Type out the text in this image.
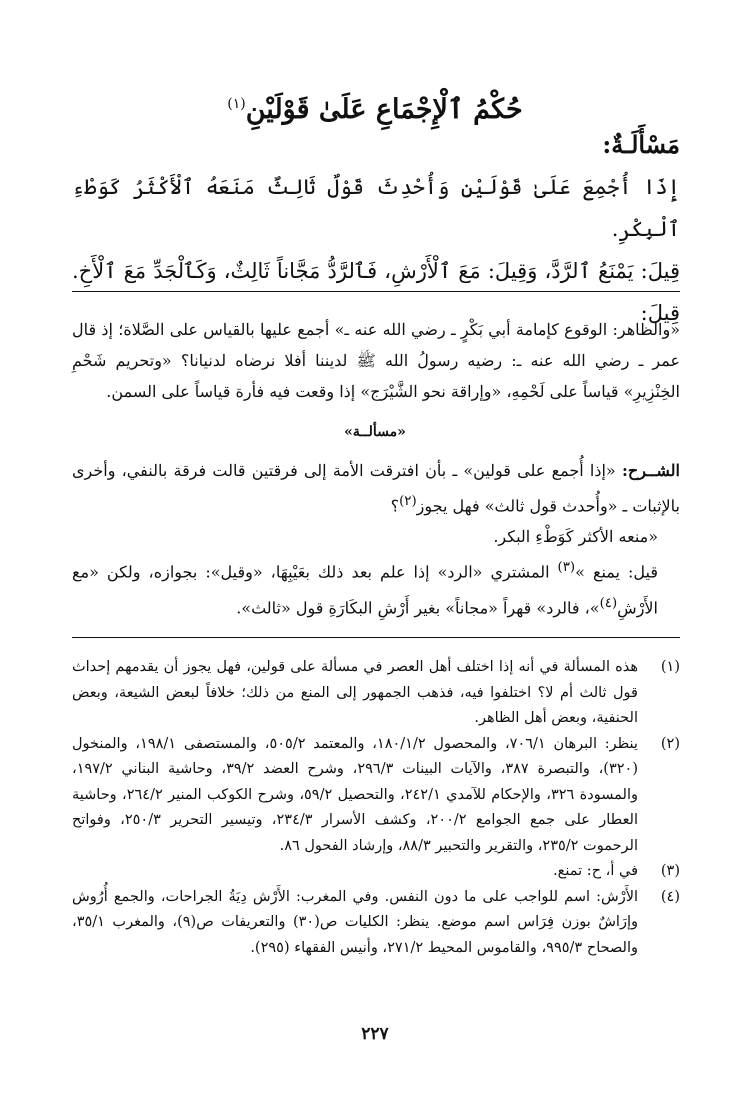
حُكْمُ ٱلْإِجْمَاعِ عَلَىٰ قَوْلَيْنِ$^{(١)}$
مَسْأَلَـةٌ:

إِذَا أُجْمِعَ عَلَىٰ قَوْلَيْنِ وَأُحْدِثَ قَوْلٌ ثَالِثٌ مَنَعَهُ ٱلْأَكْثَرُ كَوَطْءِ ٱلْبِكْرِ.

قِيلَ: يَمْنَعُ ٱلرَّدَّ، وَقِيلَ: مَعَ ٱلْأَرْشِ، فَٱلرَّدُّ مَجَّاناً ثَالِثٌ، وَكَٱلْجَدِّ مَعَ ٱلْأَخِ. قِيلَ:

«والظاهر: الوقوع كإمامة أبي بَكْرٍ ـ رضي الله عنه ـ» أجمع عليها بالقياس على الصَّلاة؛ إذ قال عمر ـ رضي الله عنه ـ: رضيه رسولُ الله ﷺ لديننا أفلا نرضاه لدنيانا؟ «وتحريم شَحْمِ الخِنْزِيرِ» قياساً على لَحْمِهِ، «وإراقة نحو الشَّيْرَج» إذا وقعت فيه فأرة قياساً على السمن.

«مسألــة»

الشــرح: «إذا أُجمع على قولين» ـ بأن افترقت الأمة إلى فرقتين قالت فرقة بالنفي، وأخرى بالإثبات ـ «وأُحدث قول ثالث» فهل يجوز$^{(٢)}$؟

«منعه الأكثر كَوَطْءِ البكر.

قيل: يمنع »$^{(٣)}$ المشتري «الرد» إذا علم بعد ذلك بعَيْبِهَا، «وقيل»: بجوازه، ولكن «مع الأَرْشِ$^{(٤)}$»، فالرد» قهراً «مجاناً» بغير أَرْشِ البكَارَةِ قول «ثالث».

(١)
هذه المسألة في أنه إذا اختلف أهل العصر في مسألة على قولين، فهل يجوز أن يقدمهم إحداث قول ثالث أم لا؟ اختلفوا فيه، فذهب الجمهور إلى المنع من ذلك؛ خلافاً لبعض الشيعة، وبعض الحنفية، وبعض أهل الظاهر.
(٢)
ينظر: البرهان ٧٠٦/١، والمحصول ١٨٠/١/٢، والمعتمد ٥٠٥/٢، والمستصفى ١٩٨/١، والمنخول (٣٢٠)، والتبصرة ٣٨٧، والآيات البينات ٢٩٦/٣، وشرح العضد ٣٩/٢، وحاشية البناني ١٩٧/٢، والمسودة ٣٢٦، والإحكام للآمدي ٢٤٢/١، والتحصيل ٥٩/٢، وشرح الكوكب المنير ٢٦٤/٢، وحاشية العطار على جمع الجوامع ٢٠٠/٢، وكشف الأسرار ٢٣٤/٣، وتيسير التحرير ٢٥٠/٣، وفواتح الرحموت ٢٣٥/٢، والتقرير والتحبير ٨٨/٣، وإرشاد الفحول ٨٦.
(٣)
في أ، ح: تمنع.
(٤)
الأَرْش: اسم للواجب على ما دون النفس. وفي المغرب: الأَرْش دِيَةُ الجراحات، والجمع أُرُوش وإرَاشٌ بوزن فِرَاس اسم موضع. ينظر: الكليات ص(٣٠) والتعريفات ص(٩)، والمغرب ٣٥/١، والصحاح ٩٩٥/٣، والقاموس المحيط ٢٧١/٢، وأنيس الفقهاء (٢٩٥).
٢٢٧
